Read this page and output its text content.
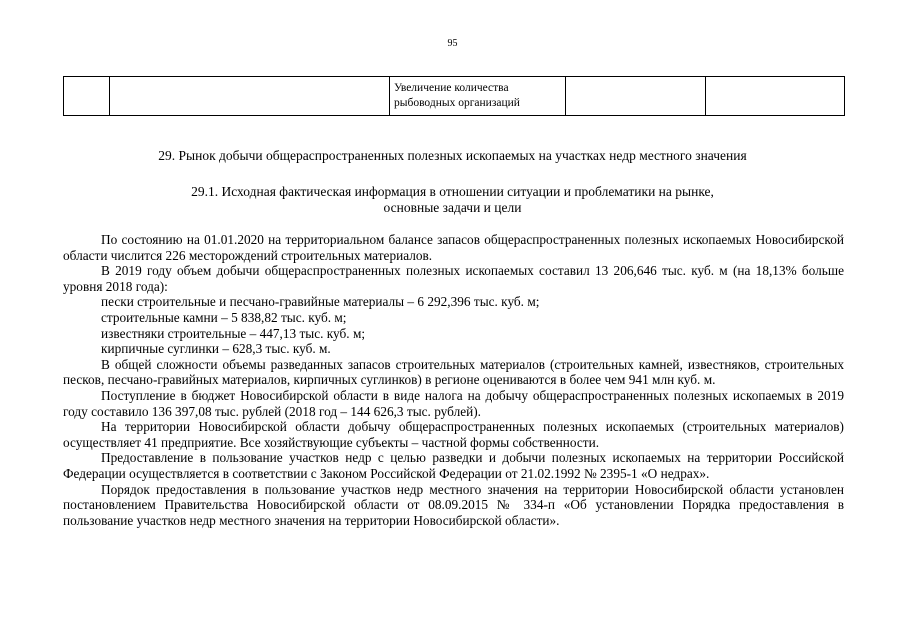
95
		Увеличение количества рыбоводных организаций		
29. Рынок добычи общераспространенных полезных ископаемых на участках недр местного значения
29.1. Исходная фактическая информация в отношении ситуации и проблематики на рынке,
основные задачи и цели

По состоянию на 01.01.2020 на территориальном балансе запасов общераспространенных полезных ископаемых Новосибирской области числится 226 месторождений строительных материалов.

В 2019 году объем добычи общераспространенных полезных ископаемых составил 13 206,646 тыс. куб. м (на 18,13% больше уровня 2018 года):

пески строительные и песчано-гравийные материалы – 6 292,396 тыс. куб. м;

строительные камни – 5 838,82 тыс. куб. м;

известняки строительные – 447,13 тыс. куб. м;

кирпичные суглинки – 628,3 тыс. куб. м.

В общей сложности объемы разведанных запасов строительных материалов (строительных камней, известняков, строительных песков, песчано-гравийных материалов, кирпичных суглинков) в регионе оцениваются в более чем 941 млн куб. м.

Поступление в бюджет Новосибирской области в виде налога на добычу общераспространенных полезных ископаемых в 2019 году составило 136 397,08 тыс. рублей (2018 год – 144 626,3 тыс. рублей).

На территории Новосибирской области добычу общераспространенных полезных ископаемых (строительных материалов) осуществляет 41 предприятие. Все хозяйствующие субъекты – частной формы собственности.

Предоставление в пользование участков недр с целью разведки и добычи полезных ископаемых на территории Российской Федерации осуществляется в соответствии с Законом Российской Федерации от 21.02.1992 № 2395-1 «О недрах».

Порядок предоставления в пользование участков недр местного значения на территории Новосибирской области установлен постановлением Правительства Новосибирской области от 08.09.2015 № 334-п «Об установлении Порядка предоставления в пользование участков недр местного значения на территории Новосибирской области».
